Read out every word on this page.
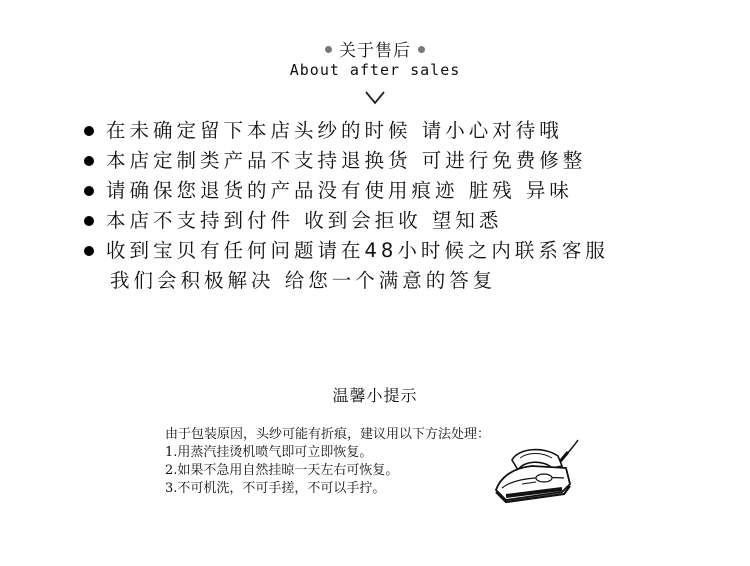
关于售后
About after sales
在未确定留下本店头纱的时候 请小心对待哦
本店定制类产品不支持退换货 可进行免费修整
请确保您退货的产品没有使用痕迹 脏残 异味
本店不支持到付件 收到会拒收 望知悉
收到宝贝有任何问题请在48小时候之内联系客服
我们会积极解决 给您一个满意的答复
温馨小提示
由于包装原因，头纱可能有折痕，建议用以下方法处理：
1.用蒸汽挂烫机喷气即可立即恢复。
2.如果不急用自然挂晾一天左右可恢复。
3.不可机洗，不可手搓，不可以手拧。
